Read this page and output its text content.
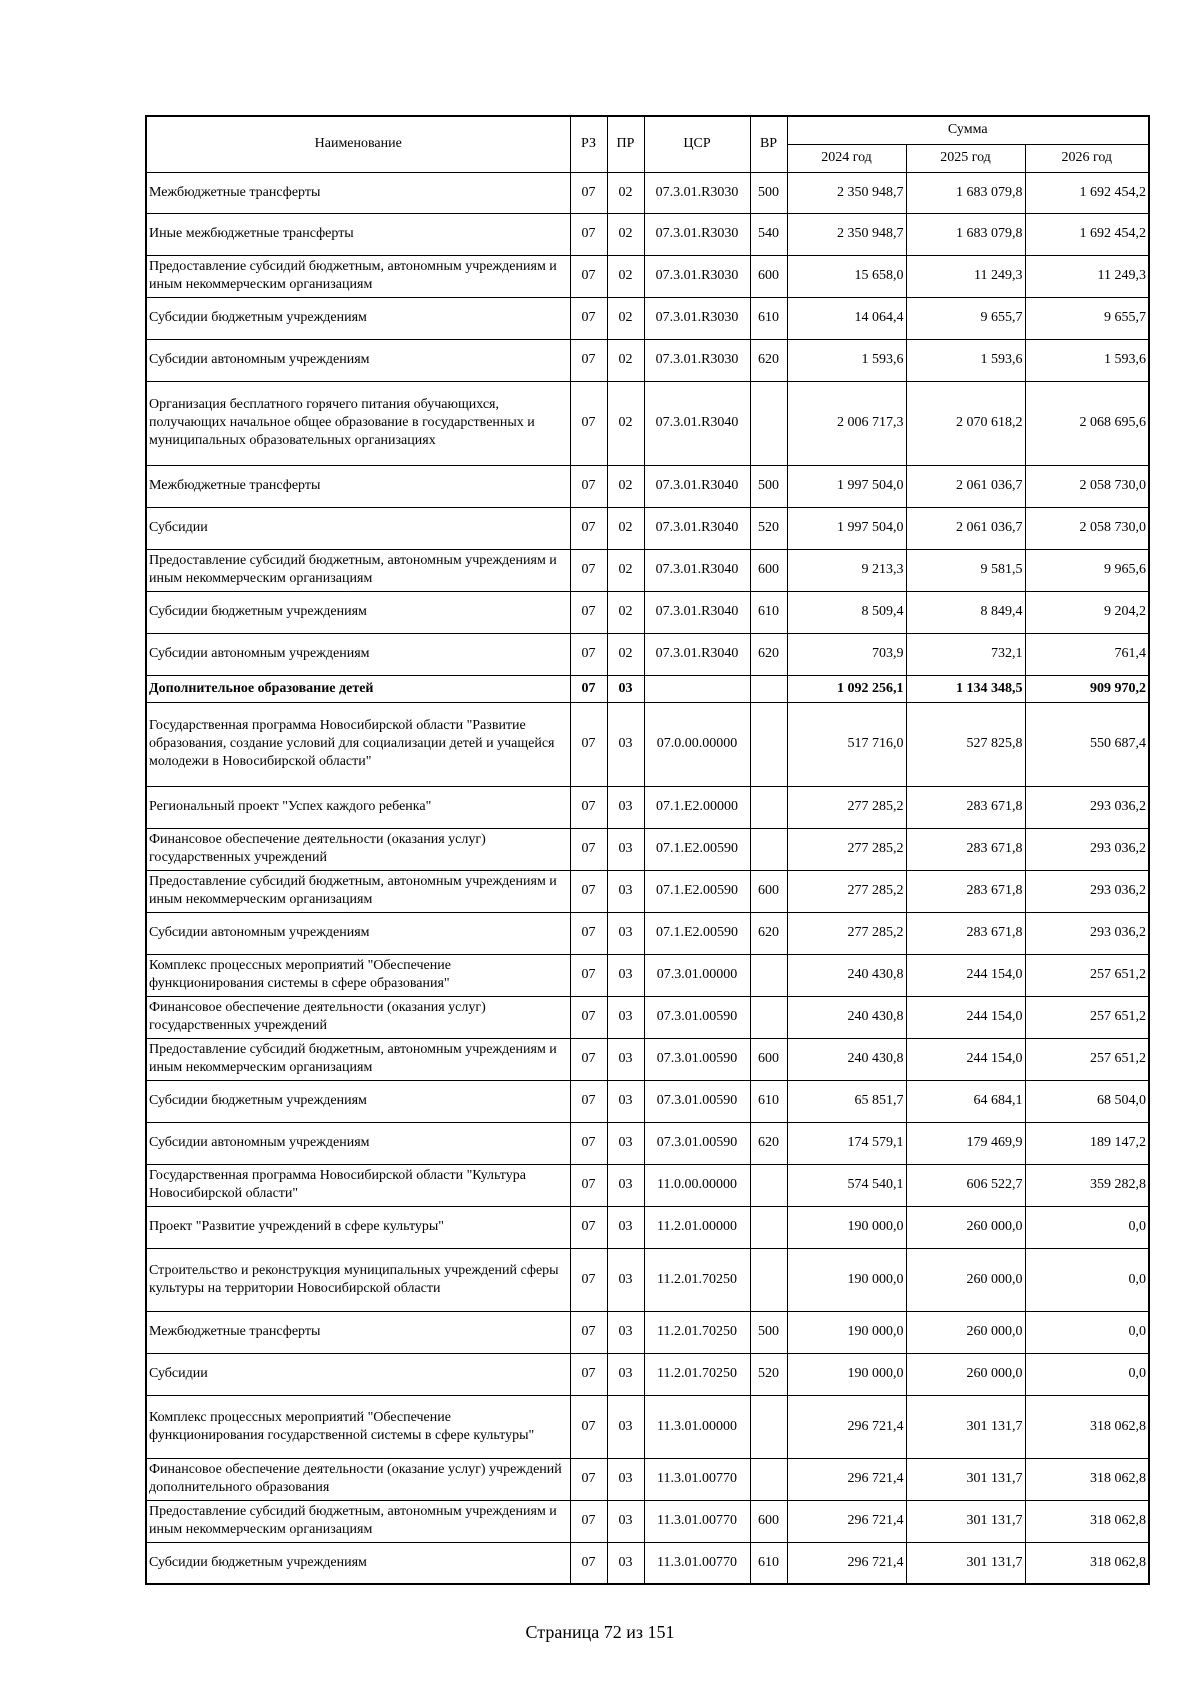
Наименование	РЗ	ПР	ЦСР	ВР	Сумма		
					2024 год	2025 год	2026 год
Межбюджетные трансферты	07	02	07.3.01.R3030	500	2 350 948,7	1 683 079,8	1 692 454,2
Иные межбюджетные трансферты	07	02	07.3.01.R3030	540	2 350 948,7	1 683 079,8	1 692 454,2
Предоставление субсидий бюджетным, автономным учреждениям и иным некоммерческим организациям	07	02	07.3.01.R3030	600	15 658,0	11 249,3	11 249,3
Субсидии бюджетным учреждениям	07	02	07.3.01.R3030	610	14 064,4	9 655,7	9 655,7
Субсидии автономным учреждениям	07	02	07.3.01.R3030	620	1 593,6	1 593,6	1 593,6
Организация бесплатного горячего питания обучающихся, получающих начальное общее образование в государственных и муниципальных образовательных организациях	07	02	07.3.01.R3040		2 006 717,3	2 070 618,2	2 068 695,6
Межбюджетные трансферты	07	02	07.3.01.R3040	500	1 997 504,0	2 061 036,7	2 058 730,0
Субсидии	07	02	07.3.01.R3040	520	1 997 504,0	2 061 036,7	2 058 730,0
Предоставление субсидий бюджетным, автономным учреждениям и иным некоммерческим организациям	07	02	07.3.01.R3040	600	9 213,3	9 581,5	9 965,6
Субсидии бюджетным учреждениям	07	02	07.3.01.R3040	610	8 509,4	8 849,4	9 204,2
Субсидии автономным учреждениям	07	02	07.3.01.R3040	620	703,9	732,1	761,4
Дополнительное образование детей	07	03			1 092 256,1	1 134 348,5	909 970,2
Государственная программа Новосибирской области "Развитие образования, создание условий для социализации детей и учащейся молодежи в Новосибирской области"	07	03	07.0.00.00000		517 716,0	527 825,8	550 687,4
Региональный проект "Успех каждого ребенка"	07	03	07.1.E2.00000		277 285,2	283 671,8	293 036,2
Финансовое обеспечение деятельности (оказания услуг) государственных учреждений	07	03	07.1.E2.00590		277 285,2	283 671,8	293 036,2
Предоставление субсидий бюджетным, автономным учреждениям и иным некоммерческим организациям	07	03	07.1.E2.00590	600	277 285,2	283 671,8	293 036,2
Субсидии автономным учреждениям	07	03	07.1.E2.00590	620	277 285,2	283 671,8	293 036,2
Комплекс процессных мероприятий "Обеспечение функционирования системы в сфере образования"	07	03	07.3.01.00000		240 430,8	244 154,0	257 651,2
Финансовое обеспечение деятельности (оказания услуг) государственных учреждений	07	03	07.3.01.00590		240 430,8	244 154,0	257 651,2
Предоставление субсидий бюджетным, автономным учреждениям и иным некоммерческим организациям	07	03	07.3.01.00590	600	240 430,8	244 154,0	257 651,2
Субсидии бюджетным учреждениям	07	03	07.3.01.00590	610	65 851,7	64 684,1	68 504,0
Субсидии автономным учреждениям	07	03	07.3.01.00590	620	174 579,1	179 469,9	189 147,2
Государственная программа Новосибирской области "Культура Новосибирской области"	07	03	11.0.00.00000		574 540,1	606 522,7	359 282,8
Проект "Развитие учреждений в сфере культуры"	07	03	11.2.01.00000		190 000,0	260 000,0	0,0
Строительство и реконструкция муниципальных учреждений сферы культуры на территории Новосибирской области	07	03	11.2.01.70250		190 000,0	260 000,0	0,0
Межбюджетные трансферты	07	03	11.2.01.70250	500	190 000,0	260 000,0	0,0
Субсидии	07	03	11.2.01.70250	520	190 000,0	260 000,0	0,0
Комплекс процессных мероприятий "Обеспечение функционирования государственной системы в сфере культуры"	07	03	11.3.01.00000		296 721,4	301 131,7	318 062,8
Финансовое обеспечение деятельности (оказание услуг) учреждений дополнительного образования	07	03	11.3.01.00770		296 721,4	301 131,7	318 062,8
Предоставление субсидий бюджетным, автономным учреждениям и иным некоммерческим организациям	07	03	11.3.01.00770	600	296 721,4	301 131,7	318 062,8
Субсидии бюджетным учреждениям	07	03	11.3.01.00770	610	296 721,4	301 131,7	318 062,8
Страница 72 из 151
